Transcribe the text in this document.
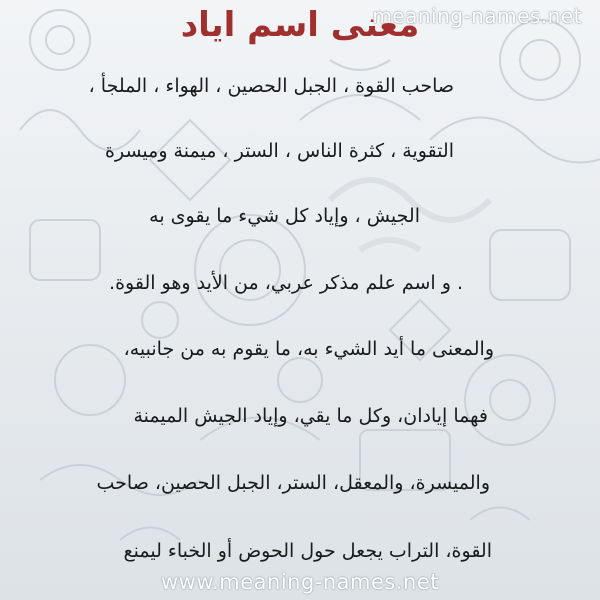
meaning-names.net
معنى اسم اياد

صاحب القوة ، الجبل الحصين ، الهواء ، الملجأ ،

التقوية ، كثرة الناس ، الستر ، ميمنة وميسرة

الجيش ، وإياد كل شيء ما يقوى به

. و اسم علم مذكر عربي، من الأيد وهو القوة.

والمعنى ما أيد الشيء به، ما يقوم به من جانبيه،

فهما إيادان، وكل ما يقي، وإياد الجيش الميمنة

والميسرة، والمعقل، الستر، الجبل الحصين، صاحب

القوة، التراب يجعل حول الحوض أو الخباء ليمنع

www.meaning-names.net
